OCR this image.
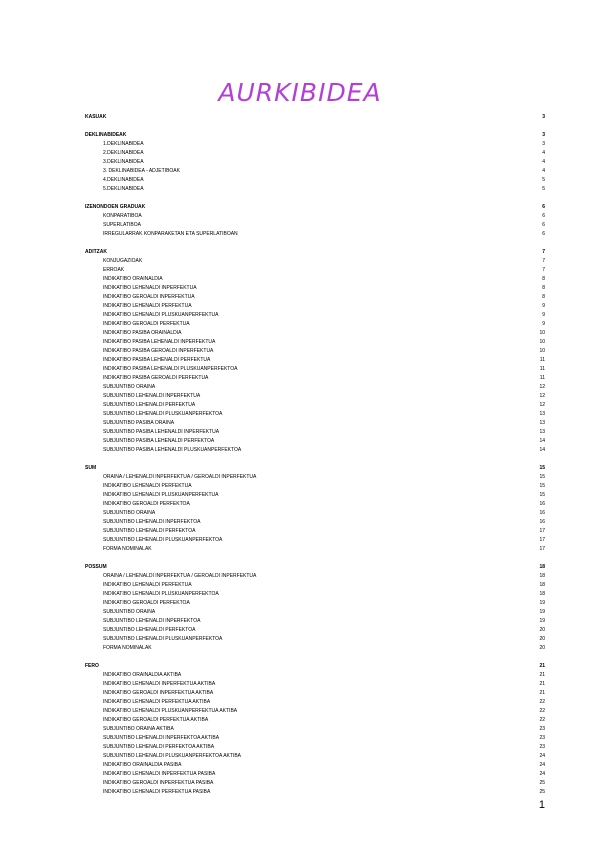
AURKIBIDEA
KASUAK	3
DEKLINABIDEAK	3
1.DEKLINABIDEA	3
2.DEKLINABIDEA	4
3.DEKLINABIDEA	4
3. DEKLINABIDEA - ADJETIBOAK	4
4.DEKLINABIDEA	5
5.DEKLINABIDEA	5
IZENONDOEN GRADUAK	6
KONPARATIBOA	6
SUPERLATIBOA	6
IRREGULARRAK KONPARAKETAN ETA SUPERLATIBOAN	6
ADITZAK	7
KONJUGAZIOAK	7
ERROAK	7
INDIKATIBO ORAINALDIA	8
INDIKATIBO LEHENALDI INPERFEKTUA	8
INDIKATIBO GEROALDI INPERFEKTUA	8
INDIKATIBO LEHENALDI PERFEKTUA	9
INDIKATIBO LEHENALDI PLUSKUANPERFEKTUA	9
INDIKATIBO GEROALDI PERFEKTUA	9
INDIKATIBO PASIBA ORAINALDIA	10
INDIKATIBO PASIBA LEHENALDI INPERFEKTUA	10
INDIKATIBO PASIBA GEROALDI INPERFEKTUA	10
INDIKATIBO PASIBA LEHENALDI PERFEKTUA	11
INDIKATIBO PASIBA LEHENALDI PLUSKUANPERFEKTOA	11
INDIKATIBO PASIBA GEROALDI PERFEKTUA	11
SUBJUNTIBO ORAINA	12
SUBJUNTIBO LEHENALDI INPERFEKTUA	12
SUBJUNTIBO LEHENALDI PERFEKTUA	12
SUBJUNTIBO LEHENALDI PLUSKUANPERFEKTOA	13
SUBJUNTIBO PASIBA ORAINA	13
SUBJUNTIBO PASIBA LEHENALDI INPERFEKTUA	13
SUBJUNTIBO PASIBA LEHENALDI PERFEKTOA	14
SUBJUNTIBO PASIBA LEHENALDI PLUSKUANPERFEKTOA	14
SUM	15
ORAINA / LEHENALDI INPERFEKTUA / GEROALDI INPERFEKTUA	15
INDIKATIBO LEHENALDI PERFEKTUA	15
INDIKATIBO LEHENALDI PLUSKUANPERFEKTUA	15
INDIKATIBO GEROALDI PERFEKTOA	16
SUBJUNTIBO ORAINA	16
SUBJUNTIBO LEHENALDI INPERFEKTOA	16
SUBJUNTIBO LEHENALDI PERFEKTOA	17
SUBJUNTIBO LEHENALDI PLUSKUANPERFEKTOA	17
FORMA NOMINALAK	17
POSSUM	18
ORAINA / LEHENALDI INPERFEKTUA / GEROALDI INPERFEKTUA	18
INDIKATIBO LEHENALDI PERFEKTUA	18
INDIKATIBO LEHENALDI PLUSKUANPERFEKTOA	18
INDIKATIBO GEROALDI PERFEKTOA	19
SUBJUNTIBO ORAINA	19
SUBJUNTIBO LEHENALDI INPERFEKTOA	19
SUBJUNTIBO LEHENALDI PERFEKTOA	20
SUBJUNTIBO LEHENALDI PLUSKUANPERFEKTOA	20
FORMA NOMINALAK	20
FERO	21
INDIKATIBO ORAINALDIA AKTIBA	21
INDIKATIBO LEHENALDI INPERFEKTUA AKTIBA	21
INDIKATIBO GEROALDI INPERFEKTUA AKTIBA	21
INDIKATIBO LEHENALDI PERFEKTUA AKTIBA	22
INDIKATIBO LEHENALDI PLUSKUANPERFEKTUA AKTIBA	22
INDIKATIBO GEROALDI PERFEKTUA AKTIBA	22
SUBJUNTIBO ORAINA AKTIBA	23
SUBJUNTIBO LEHENALDI INPERFEKTOA AKTIBA	23
SUBJUNTIBO LEHENALDI PERFEKTOA AKTIBA	23
SUBJUNTIBO LEHENALDI PLUSKUANPERFEKTOA AKTIBA	24
INDIKATIBO ORAINALDIA PASIBA	24
INDIKATIBO LEHENALDI INPERFEKTUA PASIBA	24
INDIKATIBO GEROALDI INPERFEKTUA PASIBA	25
INDIKATIBO LEHENALDI PERFEKTUA PASIBA	25
1
